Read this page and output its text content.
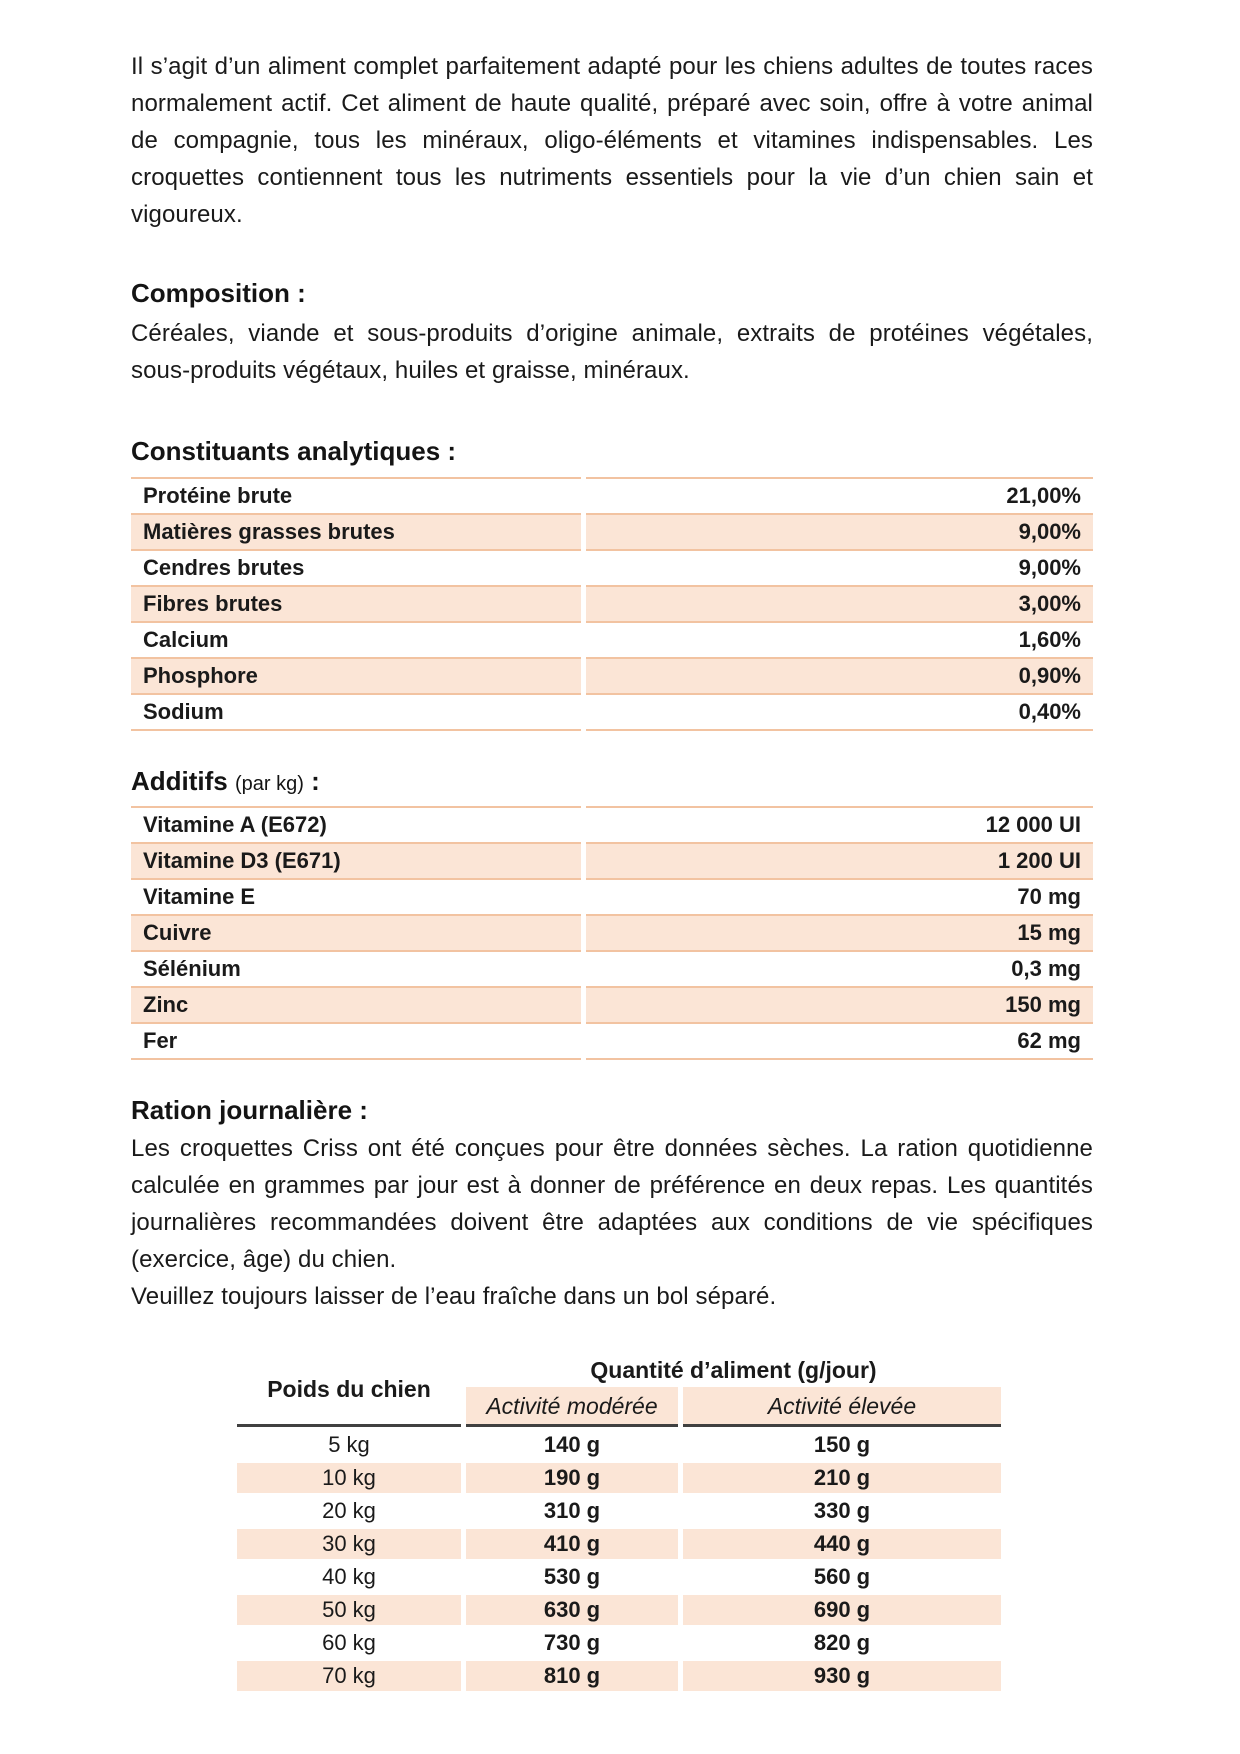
Il s’agit d’un aliment complet parfaitement adapté pour les chiens adultes de toutes races normalement actif. Cet aliment de haute qualité, préparé avec soin, offre à votre animal de compagnie, tous les minéraux, oligo-éléments et vitamines indispensables. Les croquettes contiennent tous les nutriments essentiels pour la vie d’un chien sain et vigoureux.

Composition :

Céréales, viande et sous-produits d’origine animale, extraits de protéines végétales, sous-produits végétaux, huiles et graisse, minéraux.

Constituants analytiques :
Protéine brute	21,00%
Matières grasses brutes	9,00%
Cendres brutes	9,00%
Fibres brutes	3,00%
Calcium	1,60%
Phosphore	0,90%
Sodium	0,40%
Additifs (par kg) :
Vitamine A (E672)	12 000 UI
Vitamine D3 (E671)	1 200 UI
Vitamine E	70 mg
Cuivre	15 mg
Sélénium	0,3 mg
Zinc	150 mg
Fer	62 mg
Ration journalière :

Les croquettes Criss ont été conçues pour être données sèches. La ration quotidienne calculée en grammes par jour est à donner de préférence en deux repas. Les quantités journalières recommandées doivent être adaptées aux conditions de vie spécifiques (exercice, âge) du chien.

Veuillez toujours laisser de l’eau fraîche dans un bol séparé.

Poids du chien	Quantité d’aliment (g/jour)	
	Activité modérée	Activité élevée
5 kg	140 g	150 g
10 kg	190 g	210 g
20 kg	310 g	330 g
30 kg	410 g	440 g
40 kg	530 g	560 g
50 kg	630 g	690 g
60 kg	730 g	820 g
70 kg	810 g	930 g
